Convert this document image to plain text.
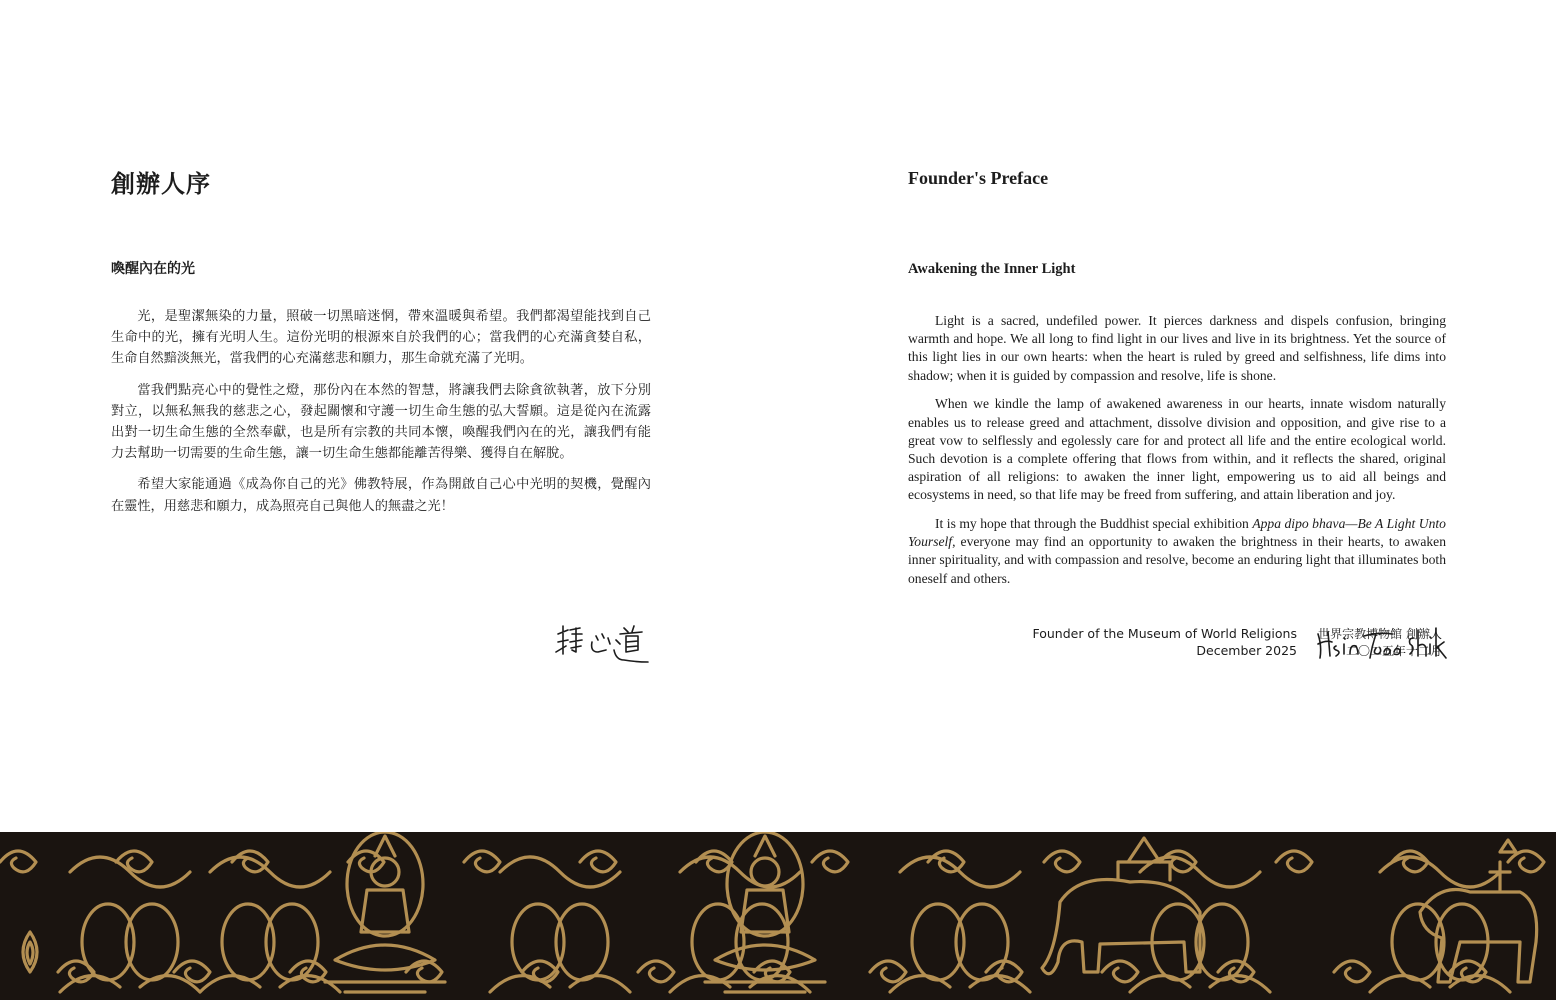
創辦人序
喚醒內在的光

光，是聖潔無染的力量，照破一切黑暗迷惘，帶來溫暖與希望。我們都渴望能找到自己生命中的光，擁有光明人生。這份光明的根源來自於我們的心；當我們的心充滿貪婪自私，生命自然黯淡無光，當我們的心充滿慈悲和願力，那生命就充滿了光明。

當我們點亮心中的覺性之燈，那份內在本然的智慧，將讓我們去除貪欲執著，放下分別對立，以無私無我的慈悲之心，發起關懷和守護一切生命生態的弘大誓願。這是從內在流露出對一切生命生態的全然奉獻，也是所有宗教的共同本懷，喚醒我們內在的光，讓我們有能力去幫助一切需要的生命生態，讓一切生命生態都能離苦得樂、獲得自在解脫。

希望大家能通過《成為你自己的光》佛教特展，作為開啟自己心中光明的契機，覺醒內在靈性，用慈悲和願力，成為照亮自己與他人的無盡之光！

世界宗教博物館 創辦人
二〇二五年十二月
Founder's Preface
Awakening the Inner Light

Light is a sacred, undefiled power. It pierces darkness and dispels confusion, bringing warmth and hope. We all long to find light in our lives and live in its brightness. Yet the source of this light lies in our own hearts: when the heart is ruled by greed and selfishness, life dims into shadow; when it is guided by compassion and resolve, life is shone.

When we kindle the lamp of awakened awareness in our hearts, innate wisdom naturally enables us to release greed and attachment, dissolve division and opposition, and give rise to a great vow to selflessly and egolessly care for and protect all life and the entire ecological world. Such devotion is a complete offering that flows from within, and it reflects the shared, original aspiration of all religions: to awaken the inner light, empowering us to aid all beings and ecosystems in need, so that life may be freed from suffering, and attain liberation and joy.

It is my hope that through the Buddhist special exhibition Appa dipo bhava—Be A Light Unto Yourself, everyone may find an opportunity to awaken the brightness in their hearts, to awaken inner spirituality, and with compassion and resolve, become an enduring light that illuminates both oneself and others.

Founder of the Museum of World Religions
December 2025
